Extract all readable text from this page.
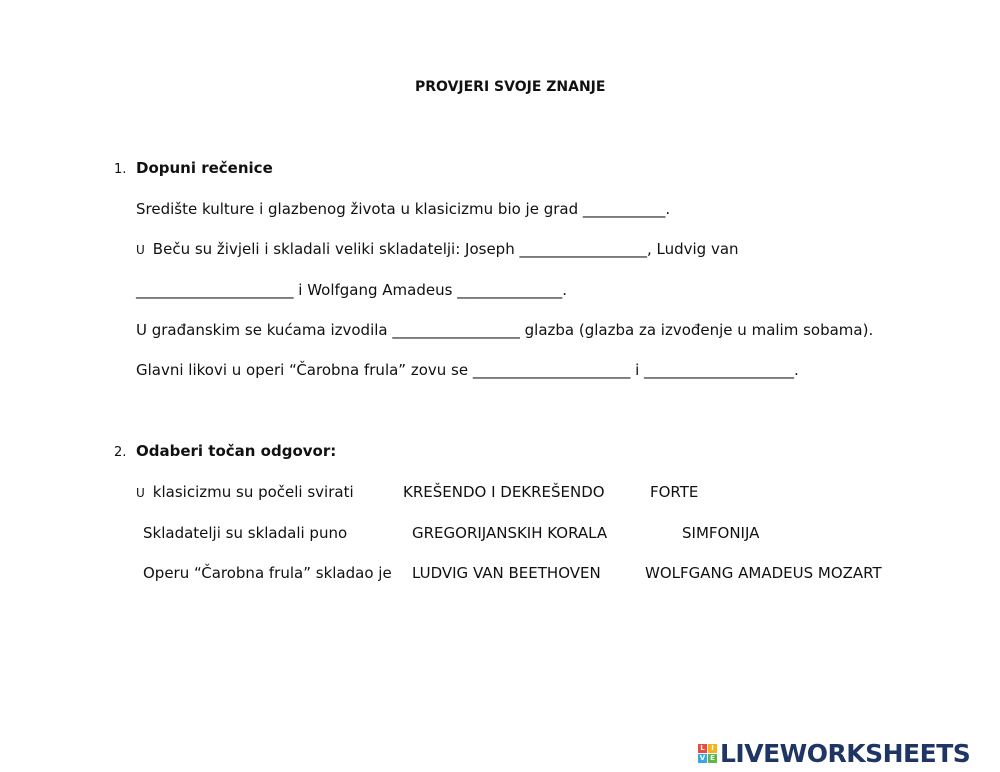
PROVJERI SVOJE ZNANJE
1. Dopuni rečenice
Središte kulture i glazbenog života u klasicizmu bio je grad ___________.
U Beču su živjeli i skladali veliki skladatelji: Joseph _________________, Ludvig van
_____________________ i Wolfgang Amadeus ______________.
U građanskim se kućama izvodila _________________ glazba (glazba za izvođenje u malim sobama).
Glavni likovi u operi “Čarobna frula” zovu se _____________________ i ____________________.
2. Odaberi točan odgovor:
U klasicizmu su počeli svirati	KREŠENDO I DEKREŠENDO	FORTE
Skladatelji su skladali puno	GREGORIJANSKIH KORALA	SIMFONIJA
Operu “Čarobna frula” skladao je LUDVIG VAN BEETHOVEN	WOLFGANG AMADEUS MOZART
L I
V E LIVEWORKSHEETS
